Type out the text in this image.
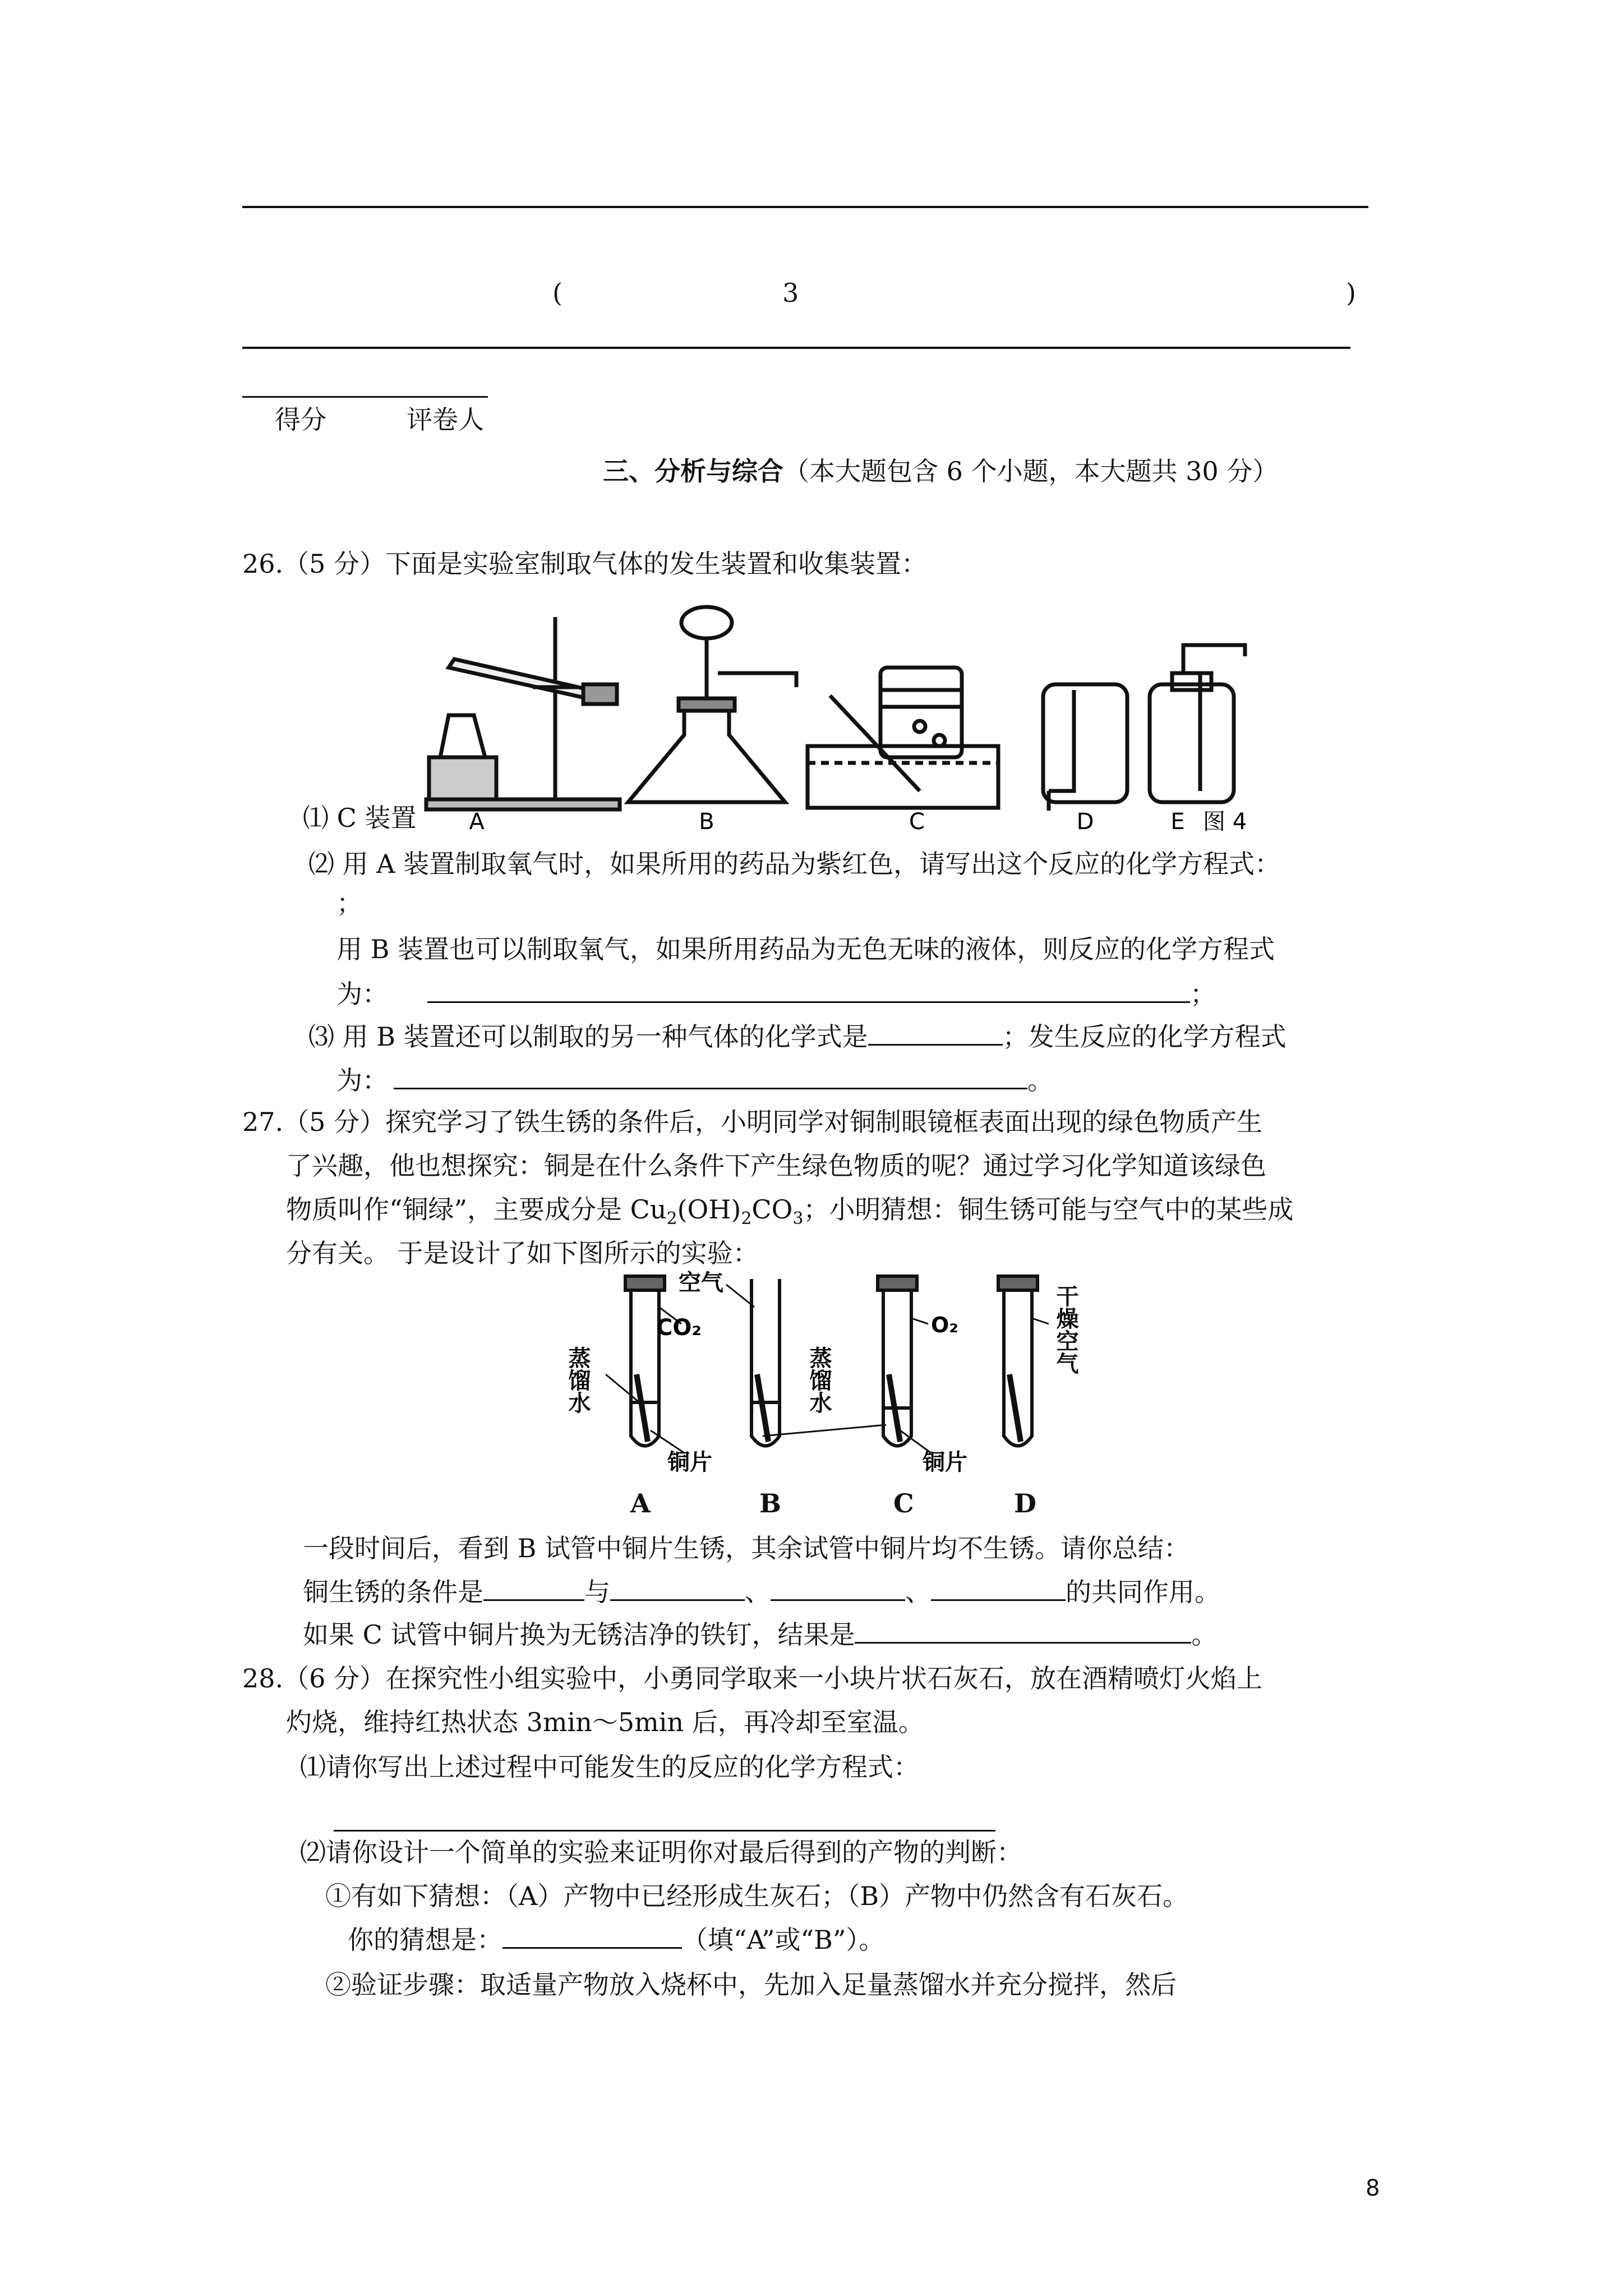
(	3	)
得分	评卷人
三、分析与综合（本大题包含 6 个小题，本大题共 30 分）
26.（5 分）下面是实验室制取气体的发生装置和收集装置：
A	B	C	D	E 图 4
⑴ C 装置
⑵ 用 A 装置制取氧气时，如果所用的药品为紫红色，请写出这个反应的化学方程式：
；
用 B 装置也可以制取氧气，如果所用药品为无色无味的液体，则反应的化学方程式
为：	；
⑶ 用 B 装置还可以制取的另一种气体的化学式是	；发生反应的化学方程式
为：	。
27.（5 分）探究学习了铁生锈的条件后，小明同学对铜制眼镜框表面出现的绿色物质产生
了兴趣，他也想探究：铜是在什么条件下产生绿色物质的呢？通过学习化学知道该绿色
物质叫作“铜绿”，主要成分是 $Cu_2(OH)_2CO_3$；小明猜想：铜生锈可能与空气中的某些成
分有关。 于是设计了如下图所示的实验：
蒸馏水
CO₂
空气
蒸馏水
O₂	干燥空气
铜片	铜片
A	B	C	D
一段时间后，看到 B 试管中铜片生锈，其余试管中铜片均不生锈。请你总结：
铜生锈的条件是	与	、	、	的共同作用。
如果 C 试管中铜片换为无锈洁净的铁钉，结果是	。
28.（6 分）在探究性小组实验中，小勇同学取来一小块片状石灰石，放在酒精喷灯火焰上
灼烧，维持红热状态 3min～5min 后，再冷却至室温。
⑴请你写出上述过程中可能发生的反应的化学方程式：
⑵请你设计一个简单的实验来证明你对最后得到的产物的判断：
①有如下猜想：（A）产物中已经形成生灰石；（B）产物中仍然含有石灰石。
你的猜想是：	（填“A”或“B”）。
②验证步骤：取适量产物放入烧杯中，先加入足量蒸馏水并充分搅拌，然后
8
